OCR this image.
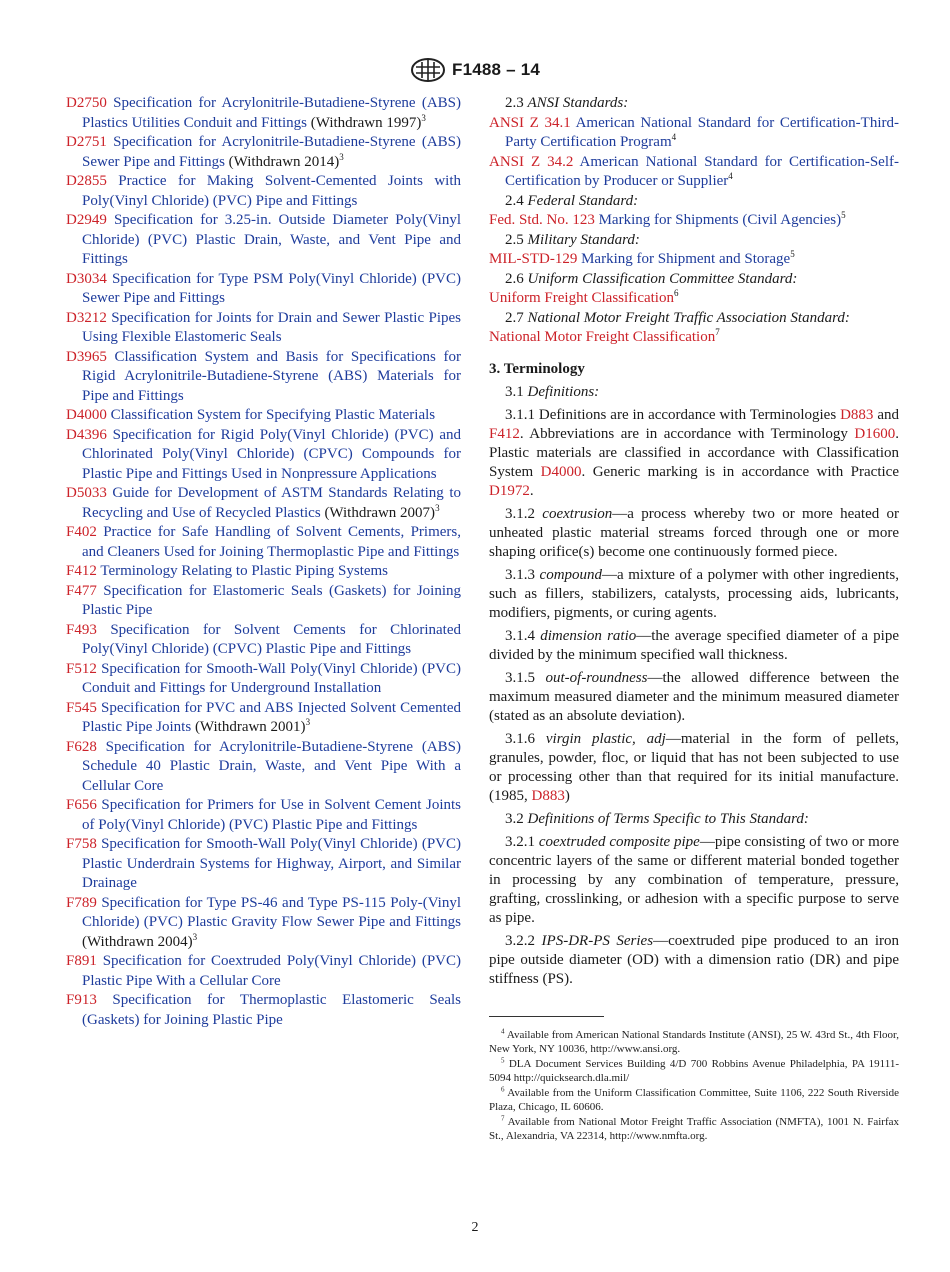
F1488 – 14
D2750 Specification for Acrylonitrile-Butadiene-Styrene (ABS) Plastics Utilities Conduit and Fittings (Withdrawn 1997)$^3$
D2751 Specification for Acrylonitrile-Butadiene-Styrene (ABS) Sewer Pipe and Fittings (Withdrawn 2014)$^3$
D2855 Practice for Making Solvent-Cemented Joints with Poly(Vinyl Chloride) (PVC) Pipe and Fittings
D2949 Specification for 3.25-in. Outside Diameter Poly(Vinyl Chloride) (PVC) Plastic Drain, Waste, and Vent Pipe and Fittings
D3034 Specification for Type PSM Poly(Vinyl Chloride) (PVC) Sewer Pipe and Fittings
D3212 Specification for Joints for Drain and Sewer Plastic Pipes Using Flexible Elastomeric Seals
D3965 Classification System and Basis for Specifications for Rigid Acrylonitrile-Butadiene-Styrene (ABS) Materials for Pipe and Fittings
D4000 Classification System for Specifying Plastic Materials
D4396 Specification for Rigid Poly(Vinyl Chloride) (PVC) and Chlorinated Poly(Vinyl Chloride) (CPVC) Compounds for Plastic Pipe and Fittings Used in Nonpressure Applications
D5033 Guide for Development of ASTM Standards Relating to Recycling and Use of Recycled Plastics (Withdrawn 2007)$^3$
F402 Practice for Safe Handling of Solvent Cements, Primers, and Cleaners Used for Joining Thermoplastic Pipe and Fittings
F412 Terminology Relating to Plastic Piping Systems
F477 Specification for Elastomeric Seals (Gaskets) for Joining Plastic Pipe
F493 Specification for Solvent Cements for Chlorinated Poly(Vinyl Chloride) (CPVC) Plastic Pipe and Fittings
F512 Specification for Smooth-Wall Poly(Vinyl Chloride) (PVC) Conduit and Fittings for Underground Installation
F545 Specification for PVC and ABS Injected Solvent Cemented Plastic Pipe Joints (Withdrawn 2001)$^3$
F628 Specification for Acrylonitrile-Butadiene-Styrene (ABS) Schedule 40 Plastic Drain, Waste, and Vent Pipe With a Cellular Core
F656 Specification for Primers for Use in Solvent Cement Joints of Poly(Vinyl Chloride) (PVC) Plastic Pipe and Fittings
F758 Specification for Smooth-Wall Poly(Vinyl Chloride) (PVC) Plastic Underdrain Systems for Highway, Airport, and Similar Drainage
F789 Specification for Type PS-46 and Type PS-115 Poly-(Vinyl Chloride) (PVC) Plastic Gravity Flow Sewer Pipe and Fittings (Withdrawn 2004)$^3$
F891 Specification for Coextruded Poly(Vinyl Chloride) (PVC) Plastic Pipe With a Cellular Core
F913 Specification for Thermoplastic Elastomeric Seals (Gaskets) for Joining Plastic Pipe
2.3 ANSI Standards:
ANSI Z 34.1 American National Standard for Certification-Third-Party Certification Program$^4$
ANSI Z 34.2 American National Standard for Certification-Self-Certification by Producer or Supplier$^4$
2.4 Federal Standard:
Fed. Std. No. 123 Marking for Shipments (Civil Agencies)$^5$
2.5 Military Standard:
MIL-STD-129 Marking for Shipment and Storage$^5$
2.6 Uniform Classification Committee Standard:
Uniform Freight Classification$^6$
2.7 National Motor Freight Traffic Association Standard:
National Motor Freight Classification$^7$
3. Terminology
3.1 Definitions:
3.1.1 Definitions are in accordance with Terminologies D883 and F412. Abbreviations are in accordance with Terminology D1600. Plastic materials are classified in accordance with Classification System D4000. Generic marking is in accordance with Practice D1972.
3.1.2 coextrusion—a process whereby two or more heated or unheated plastic material streams forced through one or more shaping orifice(s) become one continuously formed piece.
3.1.3 compound—a mixture of a polymer with other ingredients, such as fillers, stabilizers, catalysts, processing aids, lubricants, modifiers, pigments, or curing agents.
3.1.4 dimension ratio—the average specified diameter of a pipe divided by the minimum specified wall thickness.
3.1.5 out-of-roundness—the allowed difference between the maximum measured diameter and the minimum measured diameter (stated as an absolute deviation).
3.1.6 virgin plastic, adj—material in the form of pellets, granules, powder, floc, or liquid that has not been subjected to use or processing other than that required for its initial manufacture. (1985, D883)
3.2 Definitions of Terms Specific to This Standard:
3.2.1 coextruded composite pipe—pipe consisting of two or more concentric layers of the same or different material bonded together in processing by any combination of temperature, pressure, grafting, crosslinking, or adhesion with a specific purpose to serve as pipe.
3.2.2 IPS-DR-PS Series—coextruded pipe produced to an iron pipe outside diameter (OD) with a dimension ratio (DR) and pipe stiffness (PS).
$^4$ Available from American National Standards Institute (ANSI), 25 W. 43rd St., 4th Floor, New York, NY 10036, http://www.ansi.org.
$^5$ DLA Document Services Building 4/D 700 Robbins Avenue Philadelphia, PA 19111-5094 http://quicksearch.dla.mil/
$^6$ Available from the Uniform Classification Committee, Suite 1106, 222 South Riverside Plaza, Chicago, IL 60606.
$^7$ Available from National Motor Freight Traffic Association (NMFTA), 1001 N. Fairfax St., Alexandria, VA 22314, http://www.nmfta.org.
2
